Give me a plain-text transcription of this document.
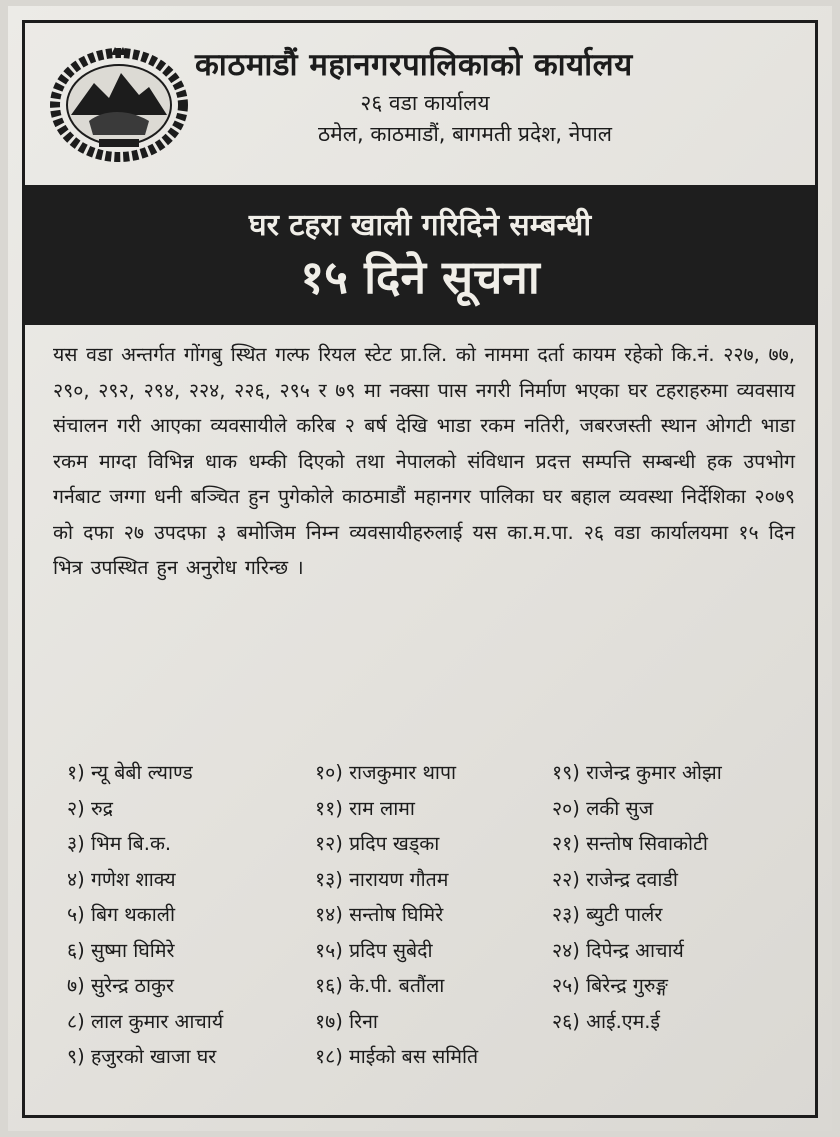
काठमाडौं महानगरपालिकाको कार्यालय
२६ वडा कार्यालय
ठमेल, काठमाडौं, बागमती प्रदेश, नेपाल
घर टहरा खाली गरिदिने सम्बन्धी
१५ दिने सूचना
यस वडा अन्तर्गत गोंगबु स्थित गल्फ रियल स्टेट प्रा.लि. को नाममा दर्ता कायम रहेको कि.नं. २२७, ७७, २९०, २९२, २९४, २२४, २२६, २९५ र ७९ मा नक्सा पास नगरी निर्माण भएका घर टहराहरुमा व्यवसाय संचालन गरी आएका व्यवसायीले करिब २ बर्ष देखि भाडा रकम नतिरी, जबरजस्ती स्थान ओगटी भाडा रकम माग्दा विभिन्न धाक धम्की दिएको तथा नेपालको संविधान प्रदत्त सम्पत्ति सम्बन्धी हक उपभोग गर्नबाट जग्गा धनी बञ्चित हुन पुगेकोले काठमाडौं महानगर पालिका घर बहाल व्यवस्था निर्देशिका २०७९ को दफा २७ उपदफा ३ बमोजिम निम्न व्यवसायीहरुलाई यस का.म.पा. २६ वडा कार्यालयमा १५ दिन भित्र उपस्थित हुन अनुरोध गरिन्छ ।
१) न्यू बेबी ल्याण्ड
२) रुद्र
३) भिम बि.क.
४) गणेश शाक्य
५) बिग थकाली
६) सुष्मा घिमिरे
७) सुरेन्द्र ठाकुर
८) लाल कुमार आचार्य
९) हजुरको खाजा घर
१०) राजकुमार थापा
११) राम लामा
१२) प्रदिप खड्का
१३) नारायण गौतम
१४) सन्तोष घिमिरे
१५) प्रदिप सुबेदी
१६) के.पी. बतौंला
१७) रिना
१८) माईको बस समिति
१९) राजेन्द्र कुमार ओझा
२०) लकी सुज
२१) सन्तोष सिवाकोटी
२२) राजेन्द्र दवाडी
२३) ब्युटी पार्लर
२४) दिपेन्द्र आचार्य
२५) बिरेन्द्र गुरुङ्ग
२६) आई.एम.ई
